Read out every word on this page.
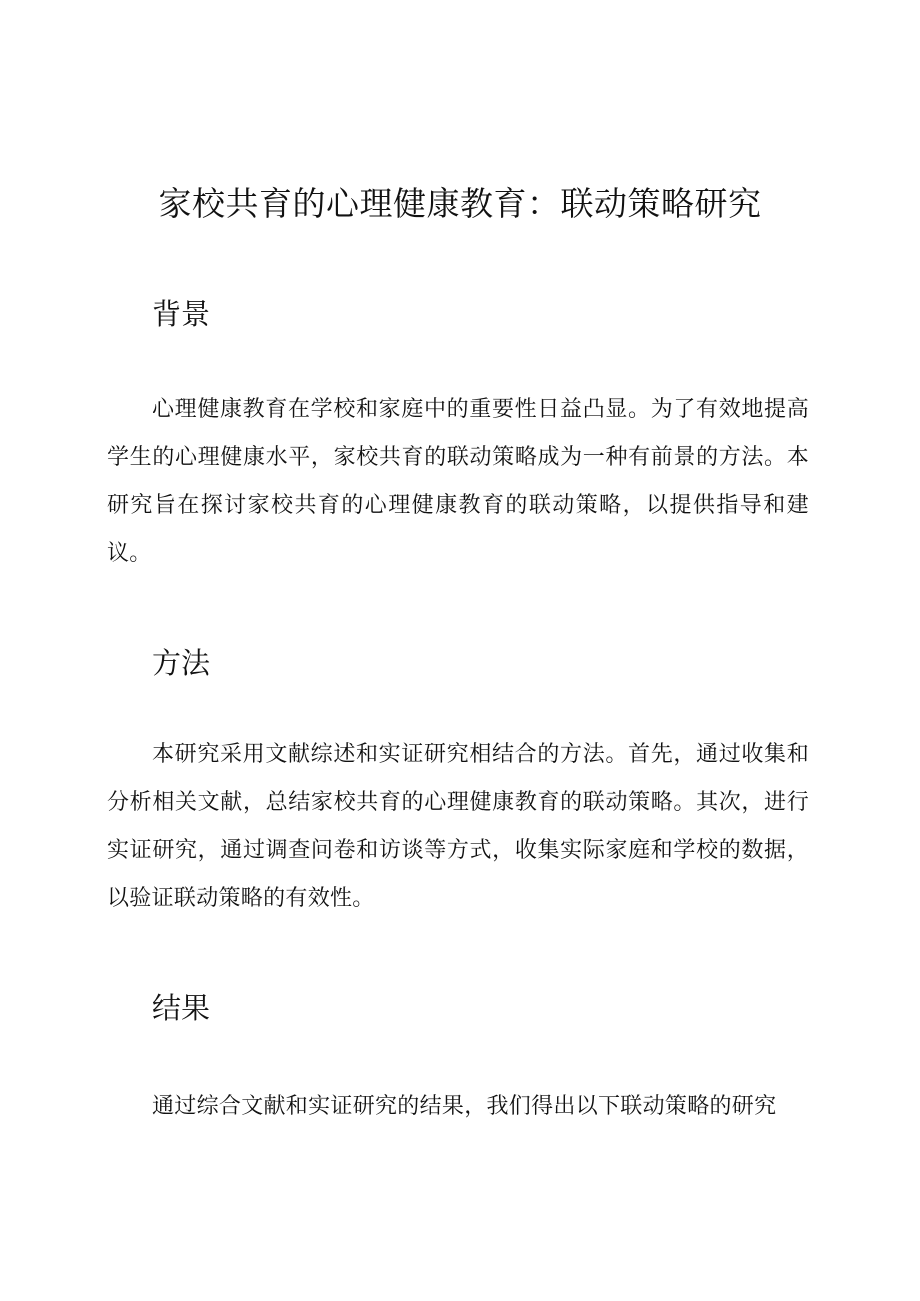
家校共育的心理健康教育：联动策略研究
背景

心理健康教育在学校和家庭中的重要性日益凸显。为了有效地提高学生的心理健康水平，家校共育的联动策略成为一种有前景的方法。本研究旨在探讨家校共育的心理健康教育的联动策略，以提供指导和建议。

方法

本研究采用文献综述和实证研究相结合的方法。首先，通过收集和分析相关文献，总结家校共育的心理健康教育的联动策略。其次，进行实证研究，通过调查问卷和访谈等方式，收集实际家庭和学校的数据，以验证联动策略的有效性。

结果

通过综合文献和实证研究的结果，我们得出以下联动策略的研究
